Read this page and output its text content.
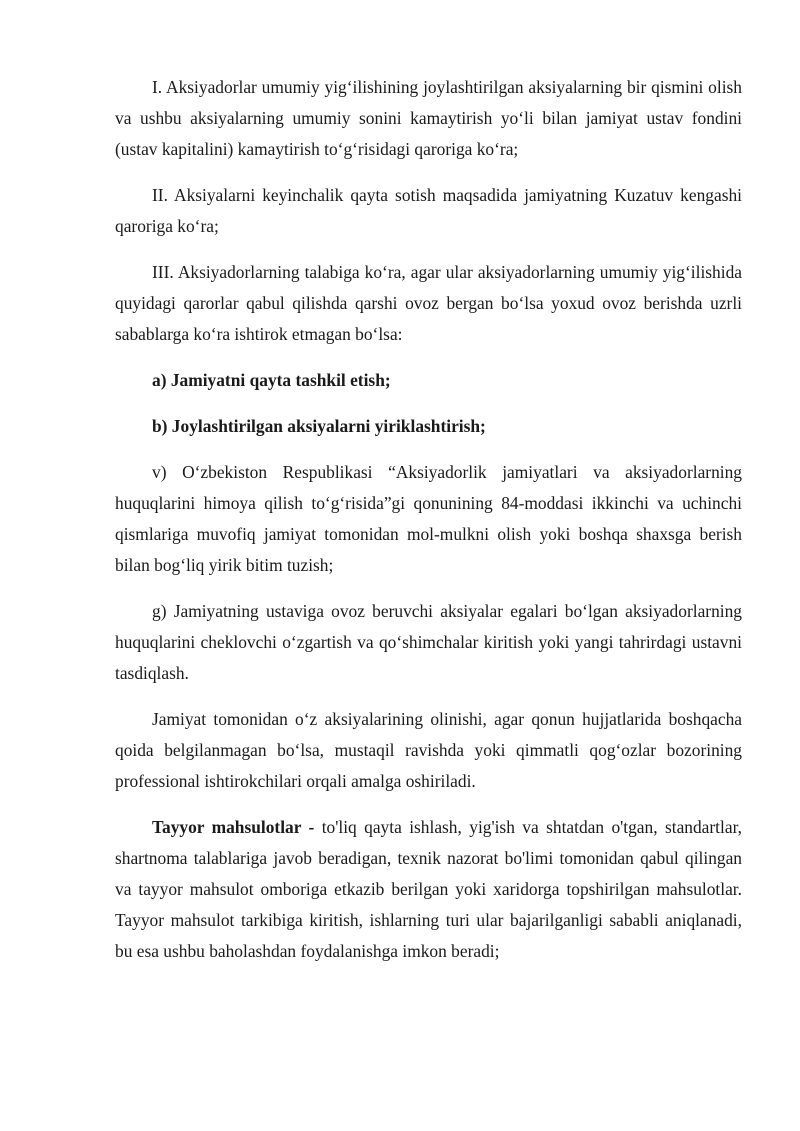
I. Aksiyadorlar umumiy yig‘ilishining joylashtirilgan aksiyalarning bir qismini olish va ushbu aksiyalarning umumiy sonini kamaytirish yo‘li bilan jamiyat ustav fondini (ustav kapitalini) kamaytirish to‘g‘risidagi qaroriga ko‘ra;

II. Aksiyalarni keyinchalik qayta sotish maqsadida jamiyatning Kuzatuv kengashi qaroriga ko‘ra;

III. Aksiyadorlarning talabiga ko‘ra, agar ular aksiyadorlarning umumiy yig‘ilishida quyidagi qarorlar qabul qilishda qarshi ovoz bergan bo‘lsa yoxud ovoz berishda uzrli sabablarga ko‘ra ishtirok etmagan bo‘lsa:

a) Jamiyatni qayta tashkil etish;

b) Joylashtirilgan aksiyalarni yiriklashtirish;

v) O‘zbekiston Respublikasi “Aksiyadorlik jamiyatlari va aksiyadorlarning huquqlarini himoya qilish to‘g‘risida”gi qonunining 84-moddasi ikkinchi va uchinchi qismlariga muvofiq jamiyat tomonidan mol-mulkni olish yoki boshqa shaxsga berish bilan bog‘liq yirik bitim tuzish;

g) Jamiyatning ustaviga ovoz beruvchi aksiyalar egalari bo‘lgan aksiyadorlarning huquqlarini cheklovchi o‘zgartish va qo‘shimchalar kiritish yoki yangi tahrirdagi ustavni tasdiqlash.

Jamiyat tomonidan o‘z aksiyalarining olinishi, agar qonun hujjatlarida boshqacha qoida belgilanmagan bo‘lsa, mustaqil ravishda yoki qimmatli qog‘ozlar bozorining professional ishtirokchilari orqali amalga oshiriladi.

Tayyor mahsulotlar - to'liq qayta ishlash, yig'ish va shtatdan o'tgan, standartlar, shartnoma talablariga javob beradigan, texnik nazorat bo'limi tomonidan qabul qilingan va tayyor mahsulot omboriga etkazib berilgan yoki xaridorga topshirilgan mahsulotlar. Tayyor mahsulot tarkibiga kiritish, ishlarning turi ular bajarilganligi sababli aniqlanadi, bu esa ushbu baholashdan foydalanishga imkon beradi;
